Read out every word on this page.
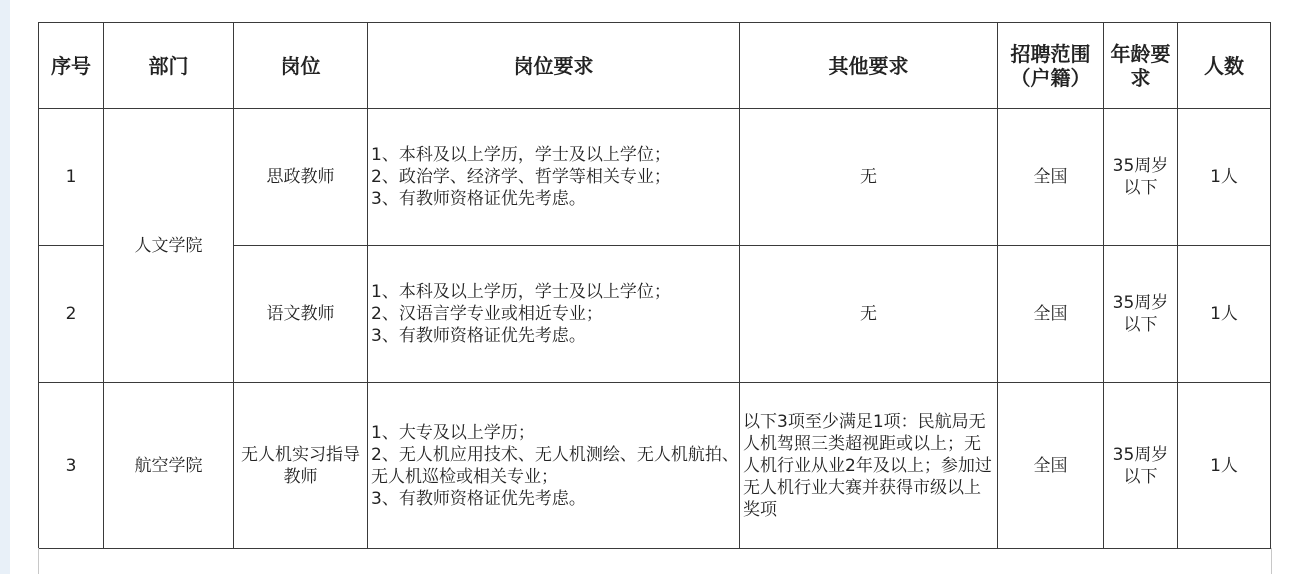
序号	部门	岗位	岗位要求	其他要求	招聘范围（户籍）	年龄要求	人数
1	人文学院	思政教师	1、本科及以上学历，学士及以上学位；
2、政治学、经济学、哲学等相关专业；
3、有教师资格证优先考虑。	无	全国	35周岁以下	1人
2		语文教师	1、本科及以上学历，学士及以上学位；
2、汉语言学专业或相近专业；
3、有教师资格证优先考虑。	无	全国	35周岁以下	1人
3	航空学院	无人机实习指导教师	1、大专及以上学历；
2、无人机应用技术、无人机测绘、无人机航拍、无人机巡检或相关专业；
3、有教师资格证优先考虑。	以下3项至少满足1项：民航局无人机驾照三类超视距或以上；无人机行业从业2年及以上；参加过无人机行业大赛并获得市级以上奖项	全国	35周岁以下	1人
